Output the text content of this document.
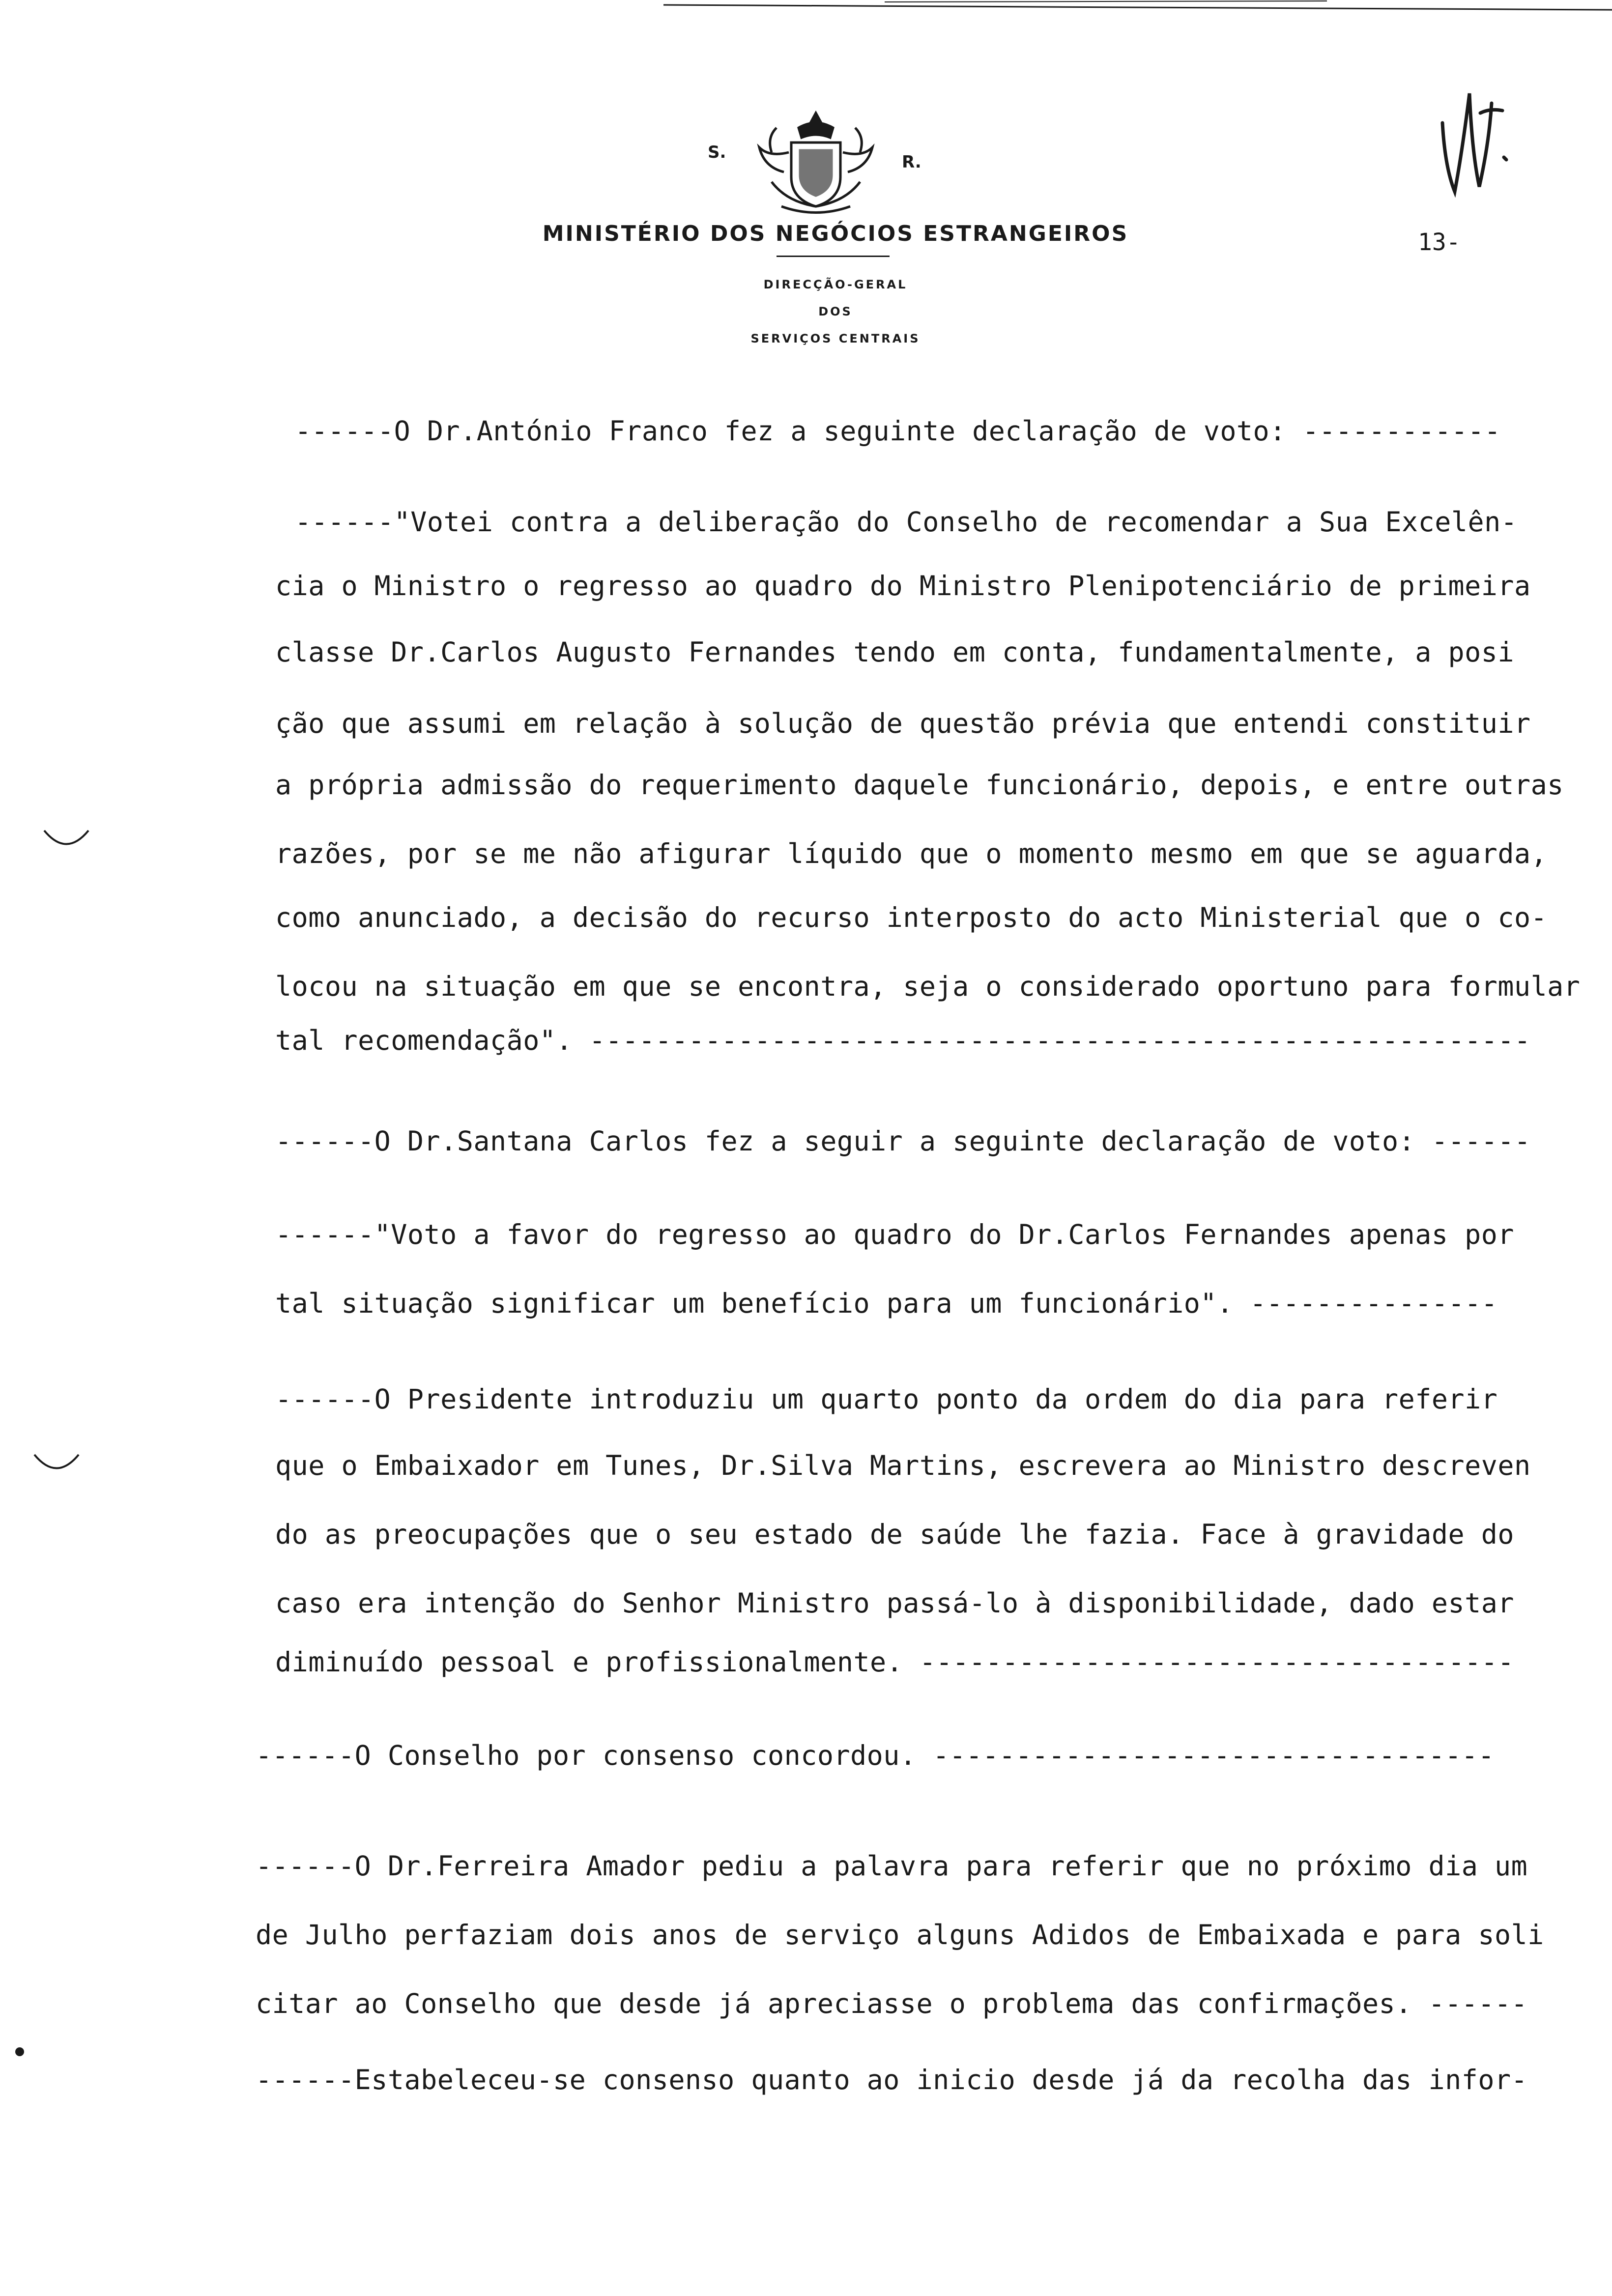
S.	R.
MINISTÉRIO DOS NEGÓCIOS ESTRANGEIROS
DIRECÇÃO-GERAL
DOS
SERVIÇOS CENTRAIS
13-
------O Dr.António Franco fez a seguinte declaração de voto: ------------
------"Votei contra a deliberação do Conselho de recomendar a Sua Excelên-
cia o Ministro o regresso ao quadro do Ministro Plenipotenciário de primeira
classe Dr.Carlos Augusto Fernandes tendo em conta, fundamentalmente, a posi
ção que assumi em relação à solução de questão prévia que entendi constituir
a própria admissão do requerimento daquele funcionário, depois, e entre outras
razões, por se me não afigurar líquido que o momento mesmo em que se aguarda,
como anunciado, a decisão do recurso interposto do acto Ministerial que o co-
locou na situação em que se encontra, seja o considerado oportuno para formular
tal recomendação". ---------------------------------------------------------
------O Dr.Santana Carlos fez a seguir a seguinte declaração de voto: ------
------"Voto a favor do regresso ao quadro do Dr.Carlos Fernandes apenas por
tal situação significar um benefício para um funcionário". ---------------
------O Presidente introduziu um quarto ponto da ordem do dia para referir
que o Embaixador em Tunes, Dr.Silva Martins, escrevera ao Ministro descreven
do as preocupações que o seu estado de saúde lhe fazia. Face à gravidade do
caso era intenção do Senhor Ministro passá-lo à disponibilidade, dado estar
diminuído pessoal e profissionalmente. ------------------------------------
------O Conselho por consenso concordou. ----------------------------------
------O Dr.Ferreira Amador pediu a palavra para referir que no próximo dia um
de Julho perfaziam dois anos de serviço alguns Adidos de Embaixada e para soli
citar ao Conselho que desde já apreciasse o problema das confirmações. ------
------Estabeleceu-se consenso quanto ao inicio desde já da recolha das infor-
